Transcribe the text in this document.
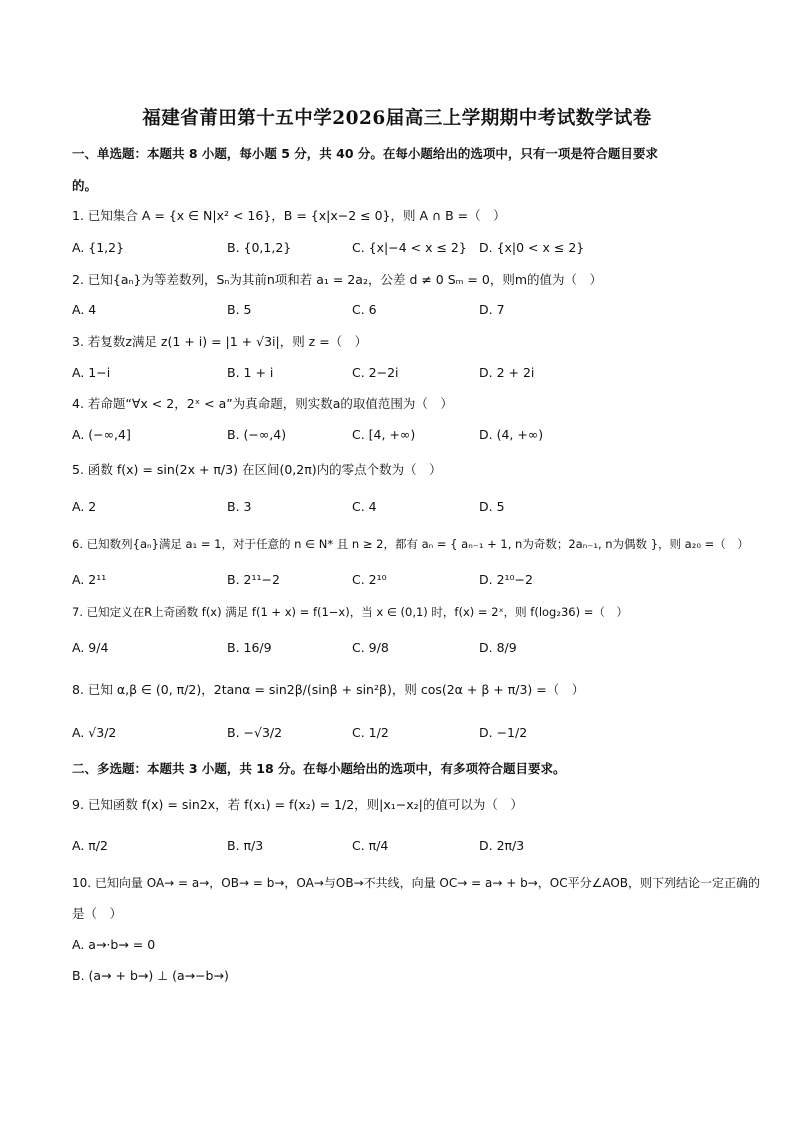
福建省莆田第十五中学2026届高三上学期期中考试数学试卷
一、单选题：本题共 8 小题，每小题 5 分，共 40 分。在每小题给出的选项中，只有一项是符合题目要求
的。
1. 已知集合 A = {x ∈ N|x² < 16}，B = {x|x−2 ≤ 0}，则 A ∩ B =（　）
A. {1,2}	B. {0,1,2}	C. {x|−4 < x ≤ 2} D. {x|0 < x ≤ 2}
2. 已知{aₙ}为等差数列，Sₙ为其前n项和若 a₁ = 2a₂，公差 d ≠ 0 Sₘ = 0，则m的值为（　）
A. 4	B. 5	C. 6	D. 7
3. 若复数z满足 z(1 + i) = |1 + √3i|，则 z =（　）
A. 1−i	B. 1 + i	C. 2−2i	D. 2 + 2i
4. 若命题“∀x < 2，2ˣ < a”为真命题，则实数a的取值范围为（　）
A. (−∞,4]	B. (−∞,4)	C. [4, +∞)	D. (4, +∞)
5. 函数 f(x) = sin(2x + π/3) 在区间(0,2π)内的零点个数为（　）
A. 2	B. 3	C. 4	D. 5
6. 已知数列{aₙ}满足 a₁ = 1，对于任意的 n ∈ N* 且 n ≥ 2，都有 aₙ = { aₙ₋₁ + 1, n为奇数；2aₙ₋₁, n为偶数 }，则 a₂₀ =（　）
A. 2¹¹	B. 2¹¹−2	C. 2¹⁰	D. 2¹⁰−2
7. 已知定义在R上奇函数 f(x) 满足 f(1 + x) = f(1−x)，当 x ∈ (0,1) 时，f(x) = 2ˣ，则 f(log₂36) =（　）
A. 9/4	B. 16/9	C. 9/8	D. 8/9
8. 已知 α,β ∈ (0, π/2)，2tanα = sin2β/(sinβ + sin²β)，则 cos(2α + β + π/3) =（　）
A. √3/2	B. −√3/2	C. 1/2	D. −1/2
二、多选题：本题共 3 小题，共 18 分。在每小题给出的选项中，有多项符合题目要求。
9. 已知函数 f(x) = sin2x，若 f(x₁) = f(x₂) = 1/2，则|x₁−x₂|的值可以为（　）
A. π/2	B. π/3	C. π/4	D. 2π/3
10. 已知向量 OA→ = a→，OB→ = b→，OA→与OB→不共线，向量 OC→ = a→ + b→，OC平分∠AOB，则下列结论一定正确的
是（　）
A. a→·b→ = 0
B. (a→ + b→) ⊥ (a→−b→)
